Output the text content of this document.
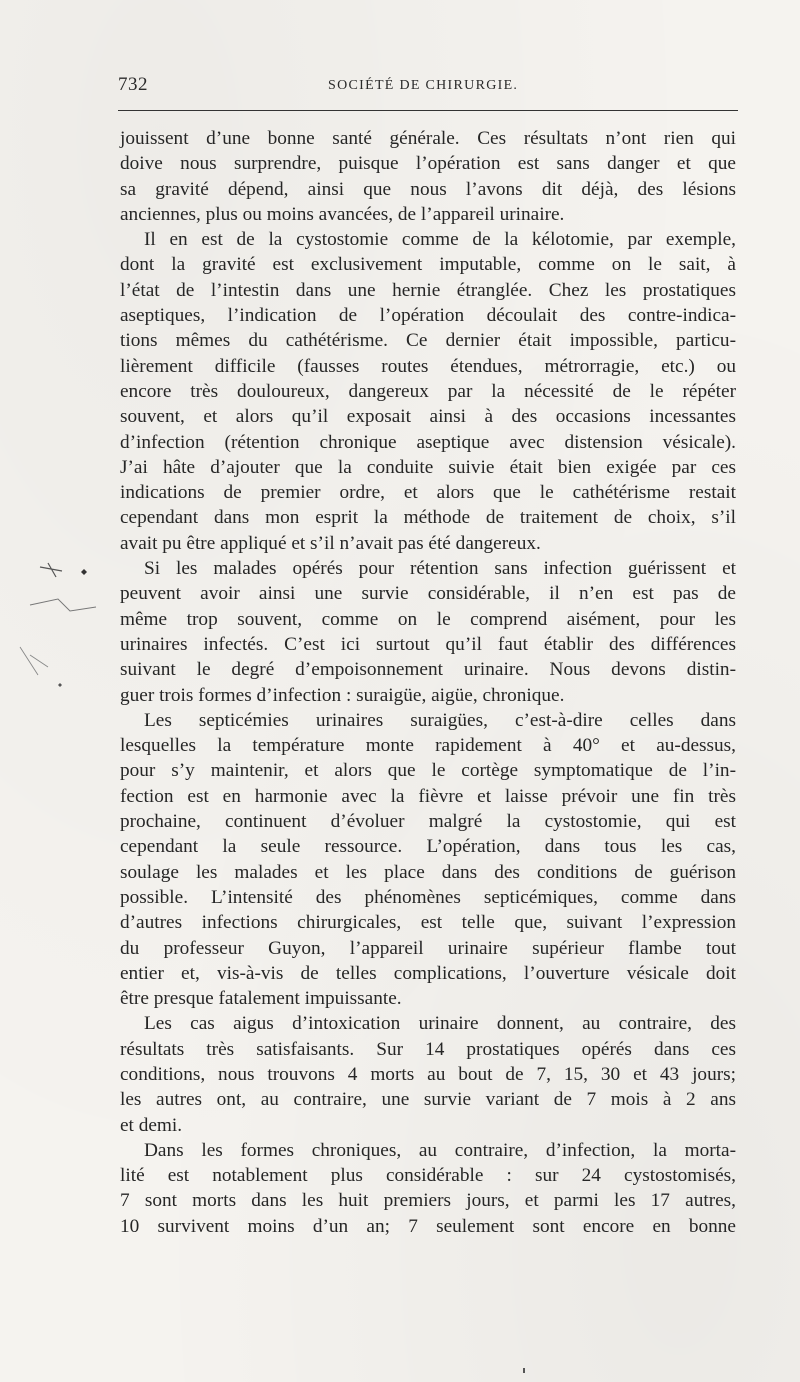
732	SOCIÉTÉ DE CHIRURGIE.
jouissent d’une bonne santé générale. Ces résultats n’ont rien qui
doive nous surprendre, puisque l’opération est sans danger et que
sa gravité dépend, ainsi que nous l’avons dit déjà, des lésions
anciennes, plus ou moins avancées, de l’appareil urinaire.
Il en est de la cystostomie comme de la kélotomie, par exemple,
dont la gravité est exclusivement imputable, comme on le sait, à
l’état de l’intestin dans une hernie étranglée. Chez les prostatiques
aseptiques, l’indication de l’opération découlait des contre-indica-
tions mêmes du cathétérisme. Ce dernier était impossible, particu-
lièrement difficile (fausses routes étendues, métrorragie, etc.) ou
encore très douloureux, dangereux par la nécessité de le répéter
souvent, et alors qu’il exposait ainsi à des occasions incessantes
d’infection (rétention chronique aseptique avec distension vésicale).
J’ai hâte d’ajouter que la conduite suivie était bien exigée par ces
indications de premier ordre, et alors que le cathétérisme restait
cependant dans mon esprit la méthode de traitement de choix, s’il
avait pu être appliqué et s’il n’avait pas été dangereux.
Si les malades opérés pour rétention sans infection guérissent et
peuvent avoir ainsi une survie considérable, il n’en est pas de
même trop souvent, comme on le comprend aisément, pour les
urinaires infectés. C’est ici surtout qu’il faut établir des différences
suivant le degré d’empoisonnement urinaire. Nous devons distin-
guer trois formes d’infection : suraigüe, aigüe, chronique.
Les septicémies urinaires suraigües, c’est-à-dire celles dans
lesquelles la température monte rapidement à 40° et au-dessus,
pour s’y maintenir, et alors que le cortège symptomatique de l’in-
fection est en harmonie avec la fièvre et laisse prévoir une fin très
prochaine, continuent d’évoluer malgré la cystostomie, qui est
cependant la seule ressource. L’opération, dans tous les cas,
soulage les malades et les place dans des conditions de guérison
possible. L’intensité des phénomènes septicémiques, comme dans
d’autres infections chirurgicales, est telle que, suivant l’expression
du professeur Guyon, l’appareil urinaire supérieur flambe tout
entier et, vis-à-vis de telles complications, l’ouverture vésicale doit
être presque fatalement impuissante.
Les cas aigus d’intoxication urinaire donnent, au contraire, des
résultats très satisfaisants. Sur 14 prostatiques opérés dans ces
conditions, nous trouvons 4 morts au bout de 7, 15, 30 et 43 jours;
les autres ont, au contraire, une survie variant de 7 mois à 2 ans
et demi.
Dans les formes chroniques, au contraire, d’infection, la morta-
lité est notablement plus considérable : sur 24 cystostomisés,
7 sont morts dans les huit premiers jours, et parmi les 17 autres,
10 survivent moins d’un an; 7 seulement sont encore en bonne
